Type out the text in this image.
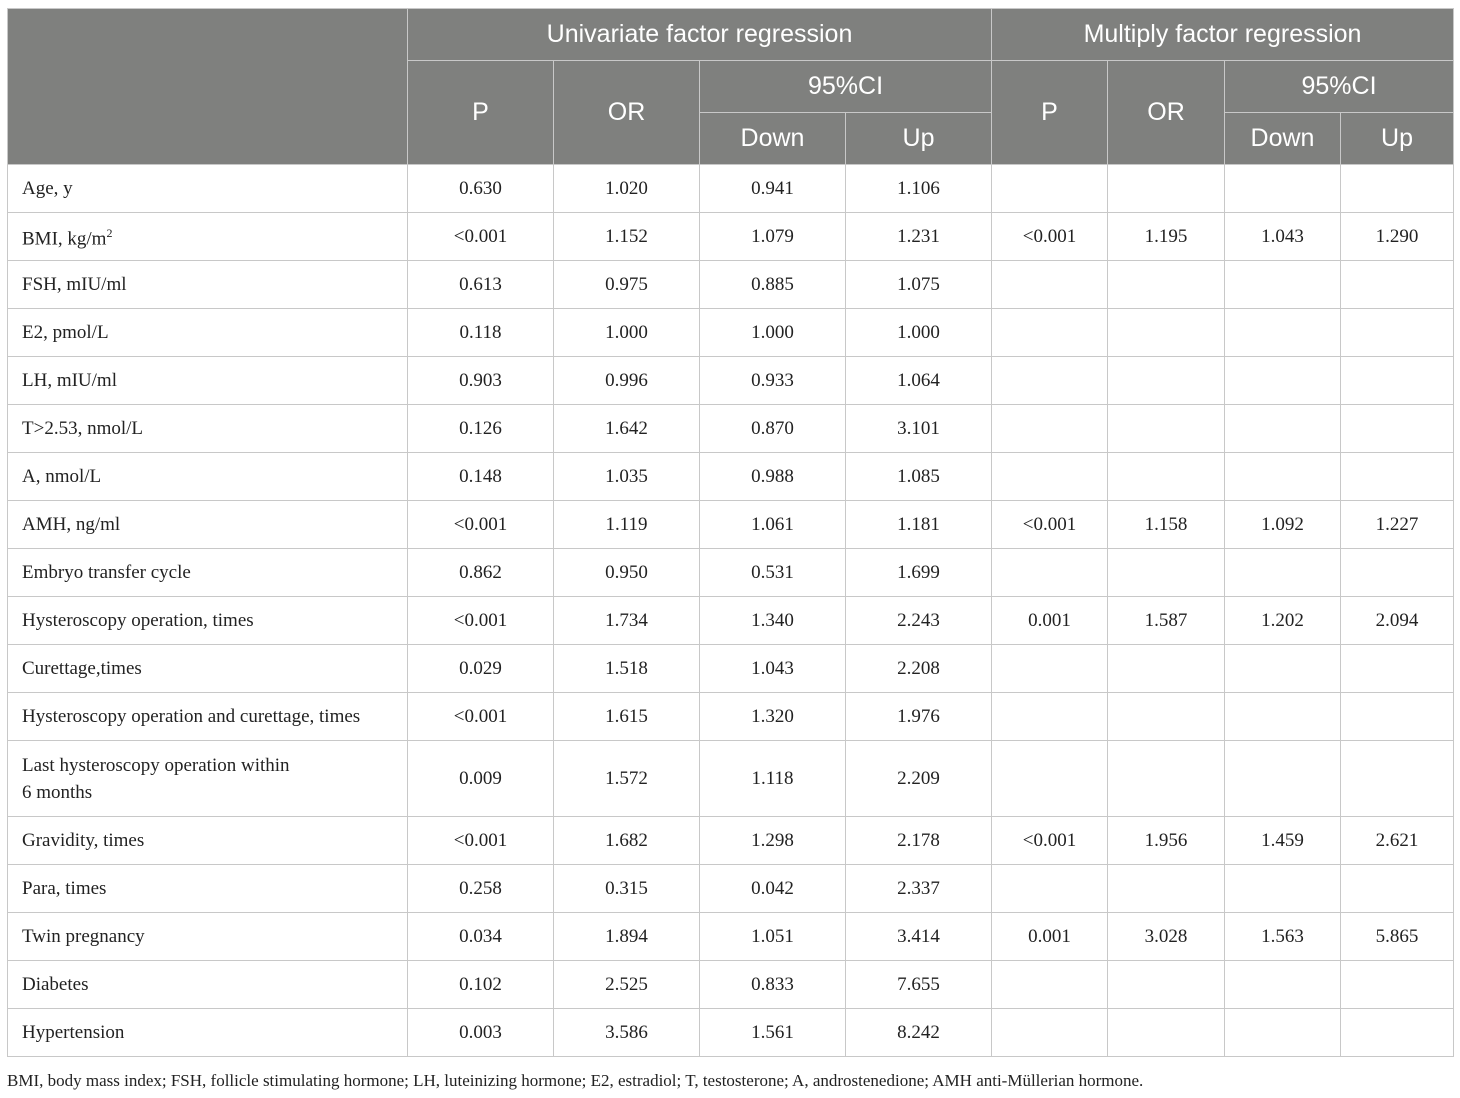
	Univariate factor regression				Multiply factor regression			
	P	OR	95%CI		P	OR	95%CI	
			Down	Up			Down	Up
Age, y	0.630	1.020	0.941	1.106				
BMI, $kg/m^2$	<0.001	1.152	1.079	1.231	<0.001	1.195	1.043	1.290
FSH, mIU/ml	0.613	0.975	0.885	1.075				
E2, pmol/L	0.118	1.000	1.000	1.000				
LH, mIU/ml	0.903	0.996	0.933	1.064				
T>2.53, nmol/L	0.126	1.642	0.870	3.101				
A, nmol/L	0.148	1.035	0.988	1.085				
AMH, ng/ml	<0.001	1.119	1.061	1.181	<0.001	1.158	1.092	1.227
Embryo transfer cycle	0.862	0.950	0.531	1.699				
Hysteroscopy operation, times	<0.001	1.734	1.340	2.243	0.001	1.587	1.202	2.094
Curettage,times	0.029	1.518	1.043	2.208				
Hysteroscopy operation and curettage, times	<0.001	1.615	1.320	1.976				
Last hysteroscopy operation within
6 months	0.009	1.572	1.118	2.209				
Gravidity, times	<0.001	1.682	1.298	2.178	<0.001	1.956	1.459	2.621
Para, times	0.258	0.315	0.042	2.337				
Twin pregnancy	0.034	1.894	1.051	3.414	0.001	3.028	1.563	5.865
Diabetes	0.102	2.525	0.833	7.655				
Hypertension	0.003	3.586	1.561	8.242				
BMI, body mass index; FSH, follicle stimulating hormone; LH, luteinizing hormone; E2, estradiol; T, testosterone; A, androstenedione; AMH anti-Müllerian hormone.
